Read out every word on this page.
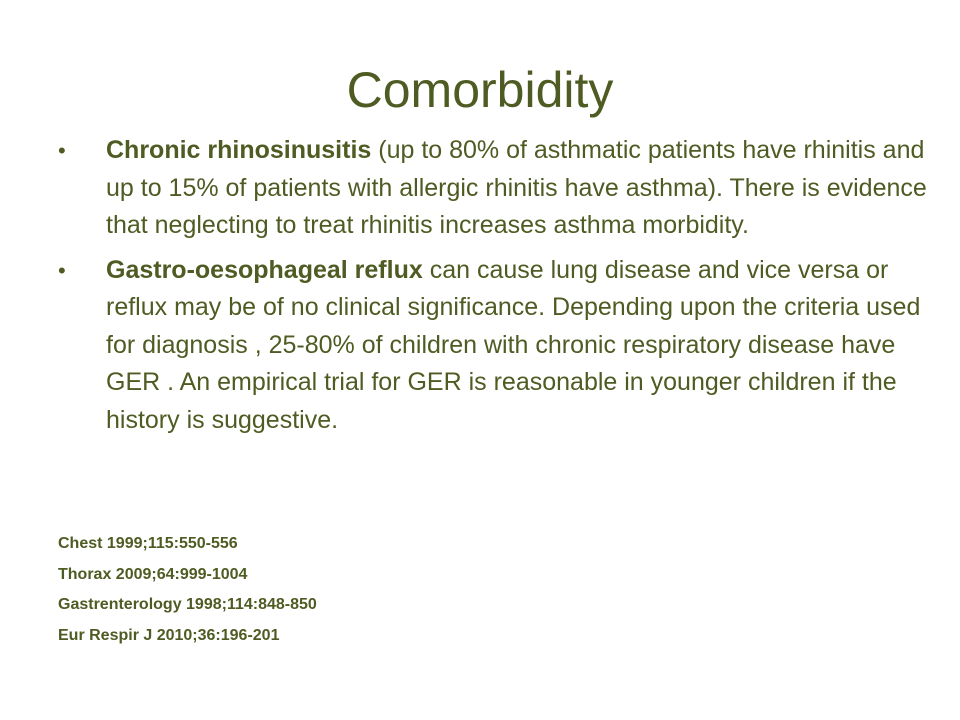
Comorbidity
•	Chronic rhinosinusitis (up to 80% of asthmatic patients have rhinitis and up to 15% of patients with allergic rhinitis have asthma). There is evidence that neglecting to treat rhinitis increases asthma morbidity.
•	Gastro-oesophageal reflux can cause lung disease and vice versa or reflux may be of no clinical significance. Depending upon the criteria used for diagnosis , 25-80% of children with chronic respiratory disease have GER . An empirical trial for GER is reasonable in younger children if the history is suggestive.
Chest 1999;115:550-556
Thorax 2009;64:999-1004
Gastrenterology 1998;114:848-850
Eur Respir J 2010;36:196-201
